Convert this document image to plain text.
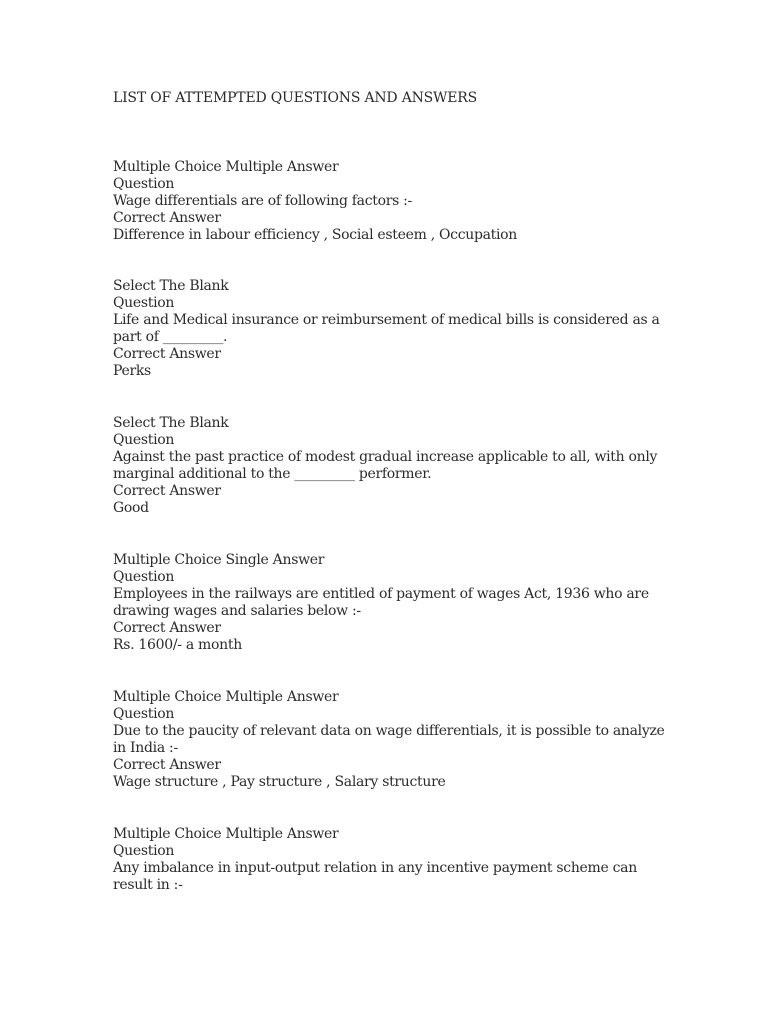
LIST OF ATTEMPTED QUESTIONS AND ANSWERS
Multiple Choice Multiple Answer
Question
Wage differentials are of following factors :-
Correct Answer
Difference in labour efficiency , Social esteem , Occupation
Select The Blank
Question
Life and Medical insurance or reimbursement of medical bills is considered as a
part of _________.
Correct Answer
Perks
Select The Blank
Question
Against the past practice of modest gradual increase applicable to all, with only
marginal additional to the _________ performer.
Correct Answer
Good
Multiple Choice Single Answer
Question
Employees in the railways are entitled of payment of wages Act, 1936 who are
drawing wages and salaries below :-
Correct Answer
Rs. 1600/- a month
Multiple Choice Multiple Answer
Question
Due to the paucity of relevant data on wage differentials, it is possible to analyze
in India :-
Correct Answer
Wage structure , Pay structure , Salary structure
Multiple Choice Multiple Answer
Question
Any imbalance in input-output relation in any incentive payment scheme can
result in :-
